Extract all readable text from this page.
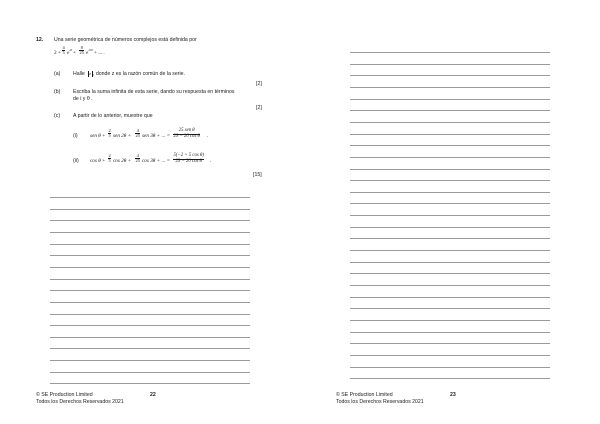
12. Una serie geométrica de números complejos está definida por
$2 + \frac{4}{5}$ e
iθ
+ $\frac{8}{25}$ e
2iθ
+ ... .
(a) Halle z , donde z es la razón común de la serie.
[2]
(b) Escriba la suma infinita de esta serie, dando su respuesta en términos
de i y θ .
[2]
(c) A partir de lo anterior, muestre que
(i) sen $\theta + \frac{2}{5}$ sen $2\theta + \frac{4}{25}$ sen 3θ + ... =
25 sen θ
29 − 20 cos θ .
(ii) $\cos \theta + \frac{2}{5}$ $\cos 2\theta + \frac{4}{25}$ cos 3θ + ... = $\frac{\text{5(−2 + 5 cos θ)}}{\text{29 − 20 cos θ}}$ .
[15]
© SE Production Limited
Todos los Derechos Reservados 2021
22	© SE Production Limited
Todos los Derechos Reservados 2021
23
